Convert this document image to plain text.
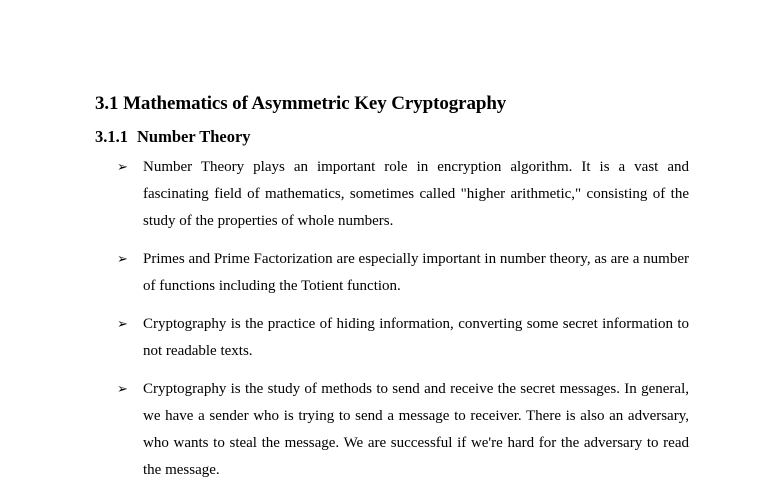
3.1 Mathematics of Asymmetric Key Cryptography
3.1.1 Number Theory

➢ Number Theory plays an important role in encryption algorithm. It is a vast and fascinating field of mathematics, sometimes called "higher arithmetic," consisting of the study of the properties of whole numbers.

➢ Primes and Prime Factorization are especially important in number theory, as are a number of functions including the Totient function.

➢ Cryptography is the practice of hiding information, converting some secret information to not readable texts.

➢ Cryptography is the study of methods to send and receive the secret messages. In general, we have a sender who is trying to send a message to receiver. There is also an adversary, who wants to steal the message. We are successful if we're hard for the adversary to read the message.
